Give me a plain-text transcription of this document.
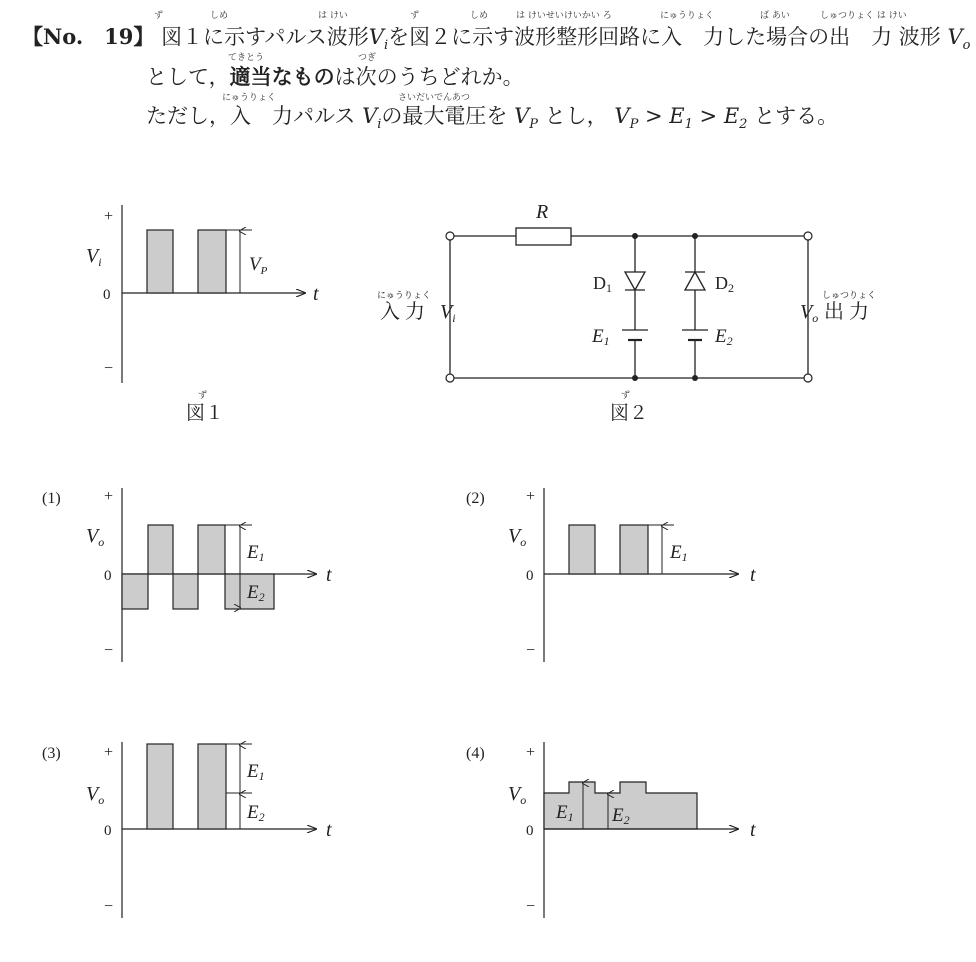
【No.　19】 図１に示すパルス波形$V_i$を図２に示す波形整形回路に入　力した場合の出　力 波形 $V_o$
として，適当なものは次のうちどれか。
ただし，入　力パルス $V_i$の最大電圧を $V_P$ とし， $V_P > E_1 > E_2$ とする。
ず	しめ	は けい	ず	しめ	は けいせいけいかい ろ	にゅうりょく	ば あい	しゅつりょく は けい
てきとう	つぎ
にゅうりょく	さいだいでんあつ
+
−
0	t
$V_i$	$V_P$
ず
図１
R
D1	D2
E1	E2
にゅうりょく
入 力 $V_i$	$V_o$
しゅつりょく
出 力
ず
図２
(1)	+
−
0	t
$V_o$	E1
E2
(2)	+
−
0	t
$V_o$	E1
(3)	+
−
0	t
$V_o$
E1
E2
(4)	+
−
0	t
$V_o$
E1 E2
